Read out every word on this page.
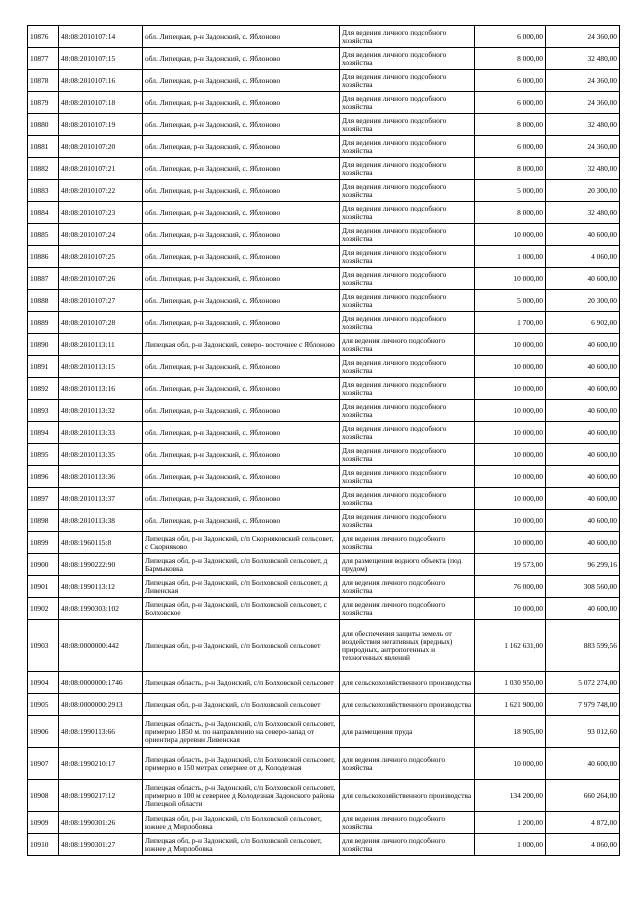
10876	48:08:2010107:14	обл. Липецкая, р-н Задонский, с. Яблоново	Для ведения личного подсобного хозяйства	6 000,00	24 360,00
10877	48:08:2010107:15	обл. Липецкая, р-н Задонский, с. Яблоново	Для ведения личного подсобного хозяйства	8 000,00	32 480,00
10878	48:08:2010107:16	обл. Липецкая, р-н Задонский, с. Яблоново	Для ведения личного подсобного хозяйства	6 000,00	24 360,00
10879	48:08:2010107:18	обл. Липецкая, р-н Задонский, с. Яблоново	Для ведения личного подсобного хозяйства	6 000,00	24 360,00
10880	48:08:2010107:19	обл. Липецкая, р-н Задонский, с. Яблоново	Для ведения личного подсобного хозяйства	8 000,00	32 480,00
10881	48:08:2010107:20	обл. Липецкая, р-н Задонский, с. Яблоново	Для ведения личного подсобного хозяйства	6 000,00	24 360,00
10882	48:08:2010107:21	обл. Липецкая, р-н Задонский, с. Яблоново	Для ведения личного подсобного хозяйства	8 000,00	32 480,00
10883	48:08:2010107:22	обл. Липецкая, р-н Задонский, с. Яблоново	Для ведения личного подсобного хозяйства	5 000,00	20 300,00
10884	48:08:2010107:23	обл. Липецкая, р-н Задонский, с. Яблоново	Для ведения личного подсобного хозяйства	8 000,00	32 480,00
10885	48:08:2010107:24	обл. Липецкая, р-н Задонский, с. Яблоново	Для ведения личного подсобного хозяйства	10 000,00	40 600,00
10886	48:08:2010107:25	обл. Липецкая, р-н Задонский, с. Яблоново	Для ведения личного подсобного хозяйства	1 000,00	4 060,00
10887	48:08:2010107:26	обл. Липецкая, р-н Задонский, с. Яблоново	Для ведения личного подсобного хозяйства	10 000,00	40 600,00
10888	48:08:2010107:27	обл. Липецкая, р-н Задонский, с. Яблоново	Для ведения личного подсобного хозяйства	5 000,00	20 300,00
10889	48:08:2010107:28	обл. Липецкая, р-н Задонский, с. Яблоново	Для ведения личного подсобного хозяйства	1 700,00	6 902,00
10890	48:08:2010113:11	Липецкая обл, р-н Задонский, северо- восточнее с Яблоново	для ведения личного подсобного хозяйства	10 000,00	40 600,00
10891	48:08:2010113:15	обл. Липецкая, р-н Задонский, с. Яблоново	Для ведения личного подсобного хозяйства	10 000,00	40 600,00
10892	48:08:2010113:16	обл. Липецкая, р-н Задонский, с. Яблоново	Для ведения личного подсобного хозяйства	10 000,00	40 600,00
10893	48:08:2010113:32	обл. Липецкая, р-н Задонский, с. Яблоново	Для ведения личного подсобного хозяйства	10 000,00	40 600,00
10894	48:08:2010113:33	обл. Липецкая, р-н Задонский, с. Яблоново	Для ведения личного подсобного хозяйства	10 000,00	40 600,00
10895	48:08:2010113:35	обл. Липецкая, р-н Задонский, с. Яблоново	Для ведения личного подсобного хозяйства	10 000,00	40 600,00
10896	48:08:2010113:36	обл. Липецкая, р-н Задонский, с. Яблоново	Для ведения личного подсобного хозяйства	10 000,00	40 600,00
10897	48:08:2010113:37	обл. Липецкая, р-н Задонский, с. Яблоново	Для ведения личного подсобного хозяйства	10 000,00	40 600,00
10898	48:08:2010113:38	обл. Липецкая, р-н Задонский, с. Яблоново	Для ведения личного подсобного хозяйства	10 000,00	40 600,00
10899	48:08:1960115:8	Липецкая обл, р-н Задонский, с/п Скорняковский сельсовет, с Скорняково	для ведения личного подсобного хозяйства	10 000,00	40 600,00
10900	48:08:1990222:90	Липецкая обл, р-н Задонский, с/п Болховской сельсовет, д Бармыковка	для размещения водного объекта (под прудом)	19 573,00	96 299,16
10901	48:08:1990113:12	Липецкая обл, р-н Задонский, с/п Болховской сельсовет, д Ливенская	для ведения личного подсобного хозяйства	76 000,00	308 560,00
10902	48:08:1990303:102	Липецкая обл, р-н Задонский, с/п Болховской сельсовет, с Болховское	для ведения личного подсобного хозяйства	10 000,00	40 600,00
10903	48:08:0000000:442	Липецкая обл, р-н Задонский, с/п Болховской сельсовет	для обеспечения защиты земель от воздействия негативных (вредных) природных, антропогенных и техногенных явлений	1 162 631,00	883 599,56
10904	48:08:0000000:1746	Липецкая область, р-н Задонский, с/п Болховской сельсовет	для сельскохозяйственного производства	1 030 950,00	5 072 274,00
10905	48:08:0000000:2913	Липецкая обл, р-н Задонский, с/п Болховской сельсовет	для сельскохозяйственного производства	1 621 900,00	7 979 748,00
10906	48:08:1990113:66	Липецкая область, р-н Задонский, с/п Болховской сельсовет, примерно 1850 м. по направлению на северо-запад от ориентира деревни Ливенская	для размещения пруда	18 905,00	93 012,60
10907	48:08:1990210:17	Липецкая область, р-н Задонский, с/п Болховской сельсовет, примерно в 150 метрах севернее от д. Колодезная	для ведения личного подсобного хозяйства	10 000,00	40 600,00
10908	48:08:1990217:12	Липецкая область, р-н Задонский, с/п Болховской сельсовет, примерно в 100 м севернее д Колодезная Задонского района Липецкой области	для сельскохозяйственного производства	134 200,00	660 264,00
10909	48:08:1990301:26	Липецкая обл, р-н Задонский, с/п Болховской сельсовет, южнее д Мирлобовка	для ведения личного подсобного хозяйства	1 200,00	4 872,00
10910	48:08:1990301:27	Липецкая обл, р-н Задонский, с/п Болховской сельсовет, южнее д Мирлобовка	для ведения личного подсобного хозяйства	1 000,00	4 060,00
